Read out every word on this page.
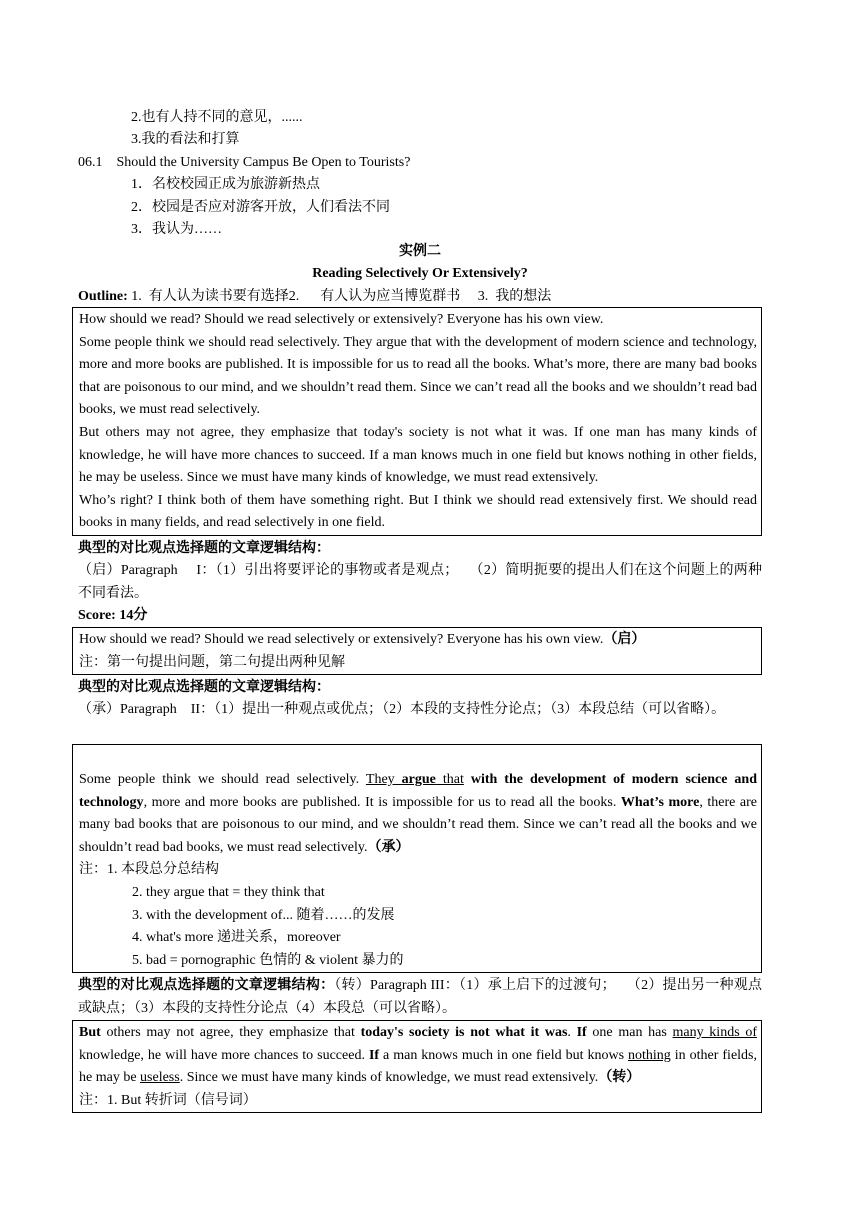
2.也有人持不同的意见，......
3.我的看法和打算
06.1    Should the University Campus Be Open to Tourists?
1．名校校园正成为旅游新热点
2．校园是否应对游客开放，人们看法不同
3．我认为……
实例二
Reading Selectively Or Extensively?
Outline: 1.  有人认为读书要有选择2.      有人认为应当博览群书     3.  我的想法

How should we read? Should we read selectively or extensively? Everyone has his own view.

Some people think we should read selectively. They argue that with the development of modern science and technology, more and more books are published. It is impossible for us to read all the books. What’s more, there are many bad books that are poisonous to our mind, and we shouldn’t read them. Since we can’t read all the books and we shouldn’t read bad books, we must read selectively.

But others may not agree, they emphasize that today's society is not what it was. If one man has many kinds of knowledge, he will have more chances to succeed. If a man knows much in one field but knows nothing in other fields, he may be useless. Since we must have many kinds of knowledge, we must read extensively.

Who’s right? I think both of them have something right. But I think we should read extensively first. We should read books in many fields, and read selectively in one field.

典型的对比观点选择题的文章逻辑结构：

（启）Paragraph     I：（1）引出将要评论的事物或者是观点；   （2）简明扼要的提出人们在这个问题上的两种不同看法。

Score: 14分

How should we read? Should we read selectively or extensively? Everyone has his own view.（启）

注：第一句提出问题，第二句提出两种见解

典型的对比观点选择题的文章逻辑结构：

（承）Paragraph    II：（1）提出一种观点或优点；（2）本段的支持性分论点；（3）本段总结（可以省略）。

Some people think we should read selectively. They argue that with the development of modern science and technology, more and more books are published. It is impossible for us to read all the books. What’s more, there are many bad books that are poisonous to our mind, and we shouldn’t read them. Since we can’t read all the books and we shouldn’t read bad books, we must read selectively.（承）

注：1. 本段总分总结构

2. they argue that = they think that

3. with the development of... 随着……的发展

4. what's more 递进关系，moreover

5. bad = pornographic 色情的 & violent 暴力的

典型的对比观点选择题的文章逻辑结构：（转）Paragraph III：（1）承上启下的过渡句；   （2）提出另一种观点或缺点；（3）本段的支持性分论点（4）本段总（可以省略）。

But others may not agree, they emphasize that today's society is not what it was. If one man has many kinds of knowledge, he will have more chances to succeed. If a man knows much in one field but knows nothing in other fields, he may be useless. Since we must have many kinds of knowledge, we must read extensively.（转）

注：1. But 转折词（信号词）
